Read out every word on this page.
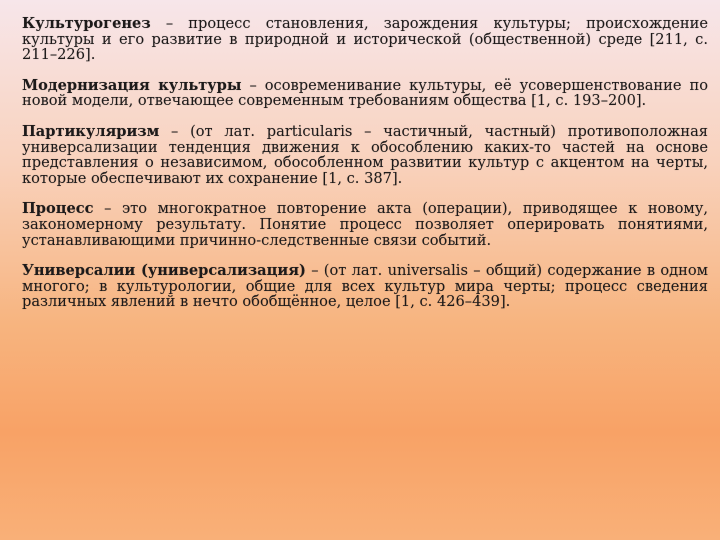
Культурогенез – процесс становления, зарождения культуры; происхождение культуры и его развитие в природной и исторической (общественной) среде [211, с. 211–226].

Модернизация культуры – осовременивание культуры, её усовершенствование по новой модели, отвечающее современным требованиям общества [1, с. 193–200].

Партикуляризм – (от лат. particularis – частичный, частный) противоположная универсализации тенденция движения к обособлению каких-то частей на основе представления о независимом, обособленном развитии культур с акцентом на черты, которые обеспечивают их сохранение [1, с. 387].

Процесс – это многократное повторение акта (операции), приводящее к новому, закономерному результату. Понятие процесс позволяет оперировать понятиями, устанавливающими причинно-следственные связи событий.

Универсалии (универсализация) – (от лат. universalis – общий) содержание в одном многого; в культурологии, общие для всех культур мира черты; процесс сведения различных явлений в нечто обобщённое, целое [1, с. 426–439].
